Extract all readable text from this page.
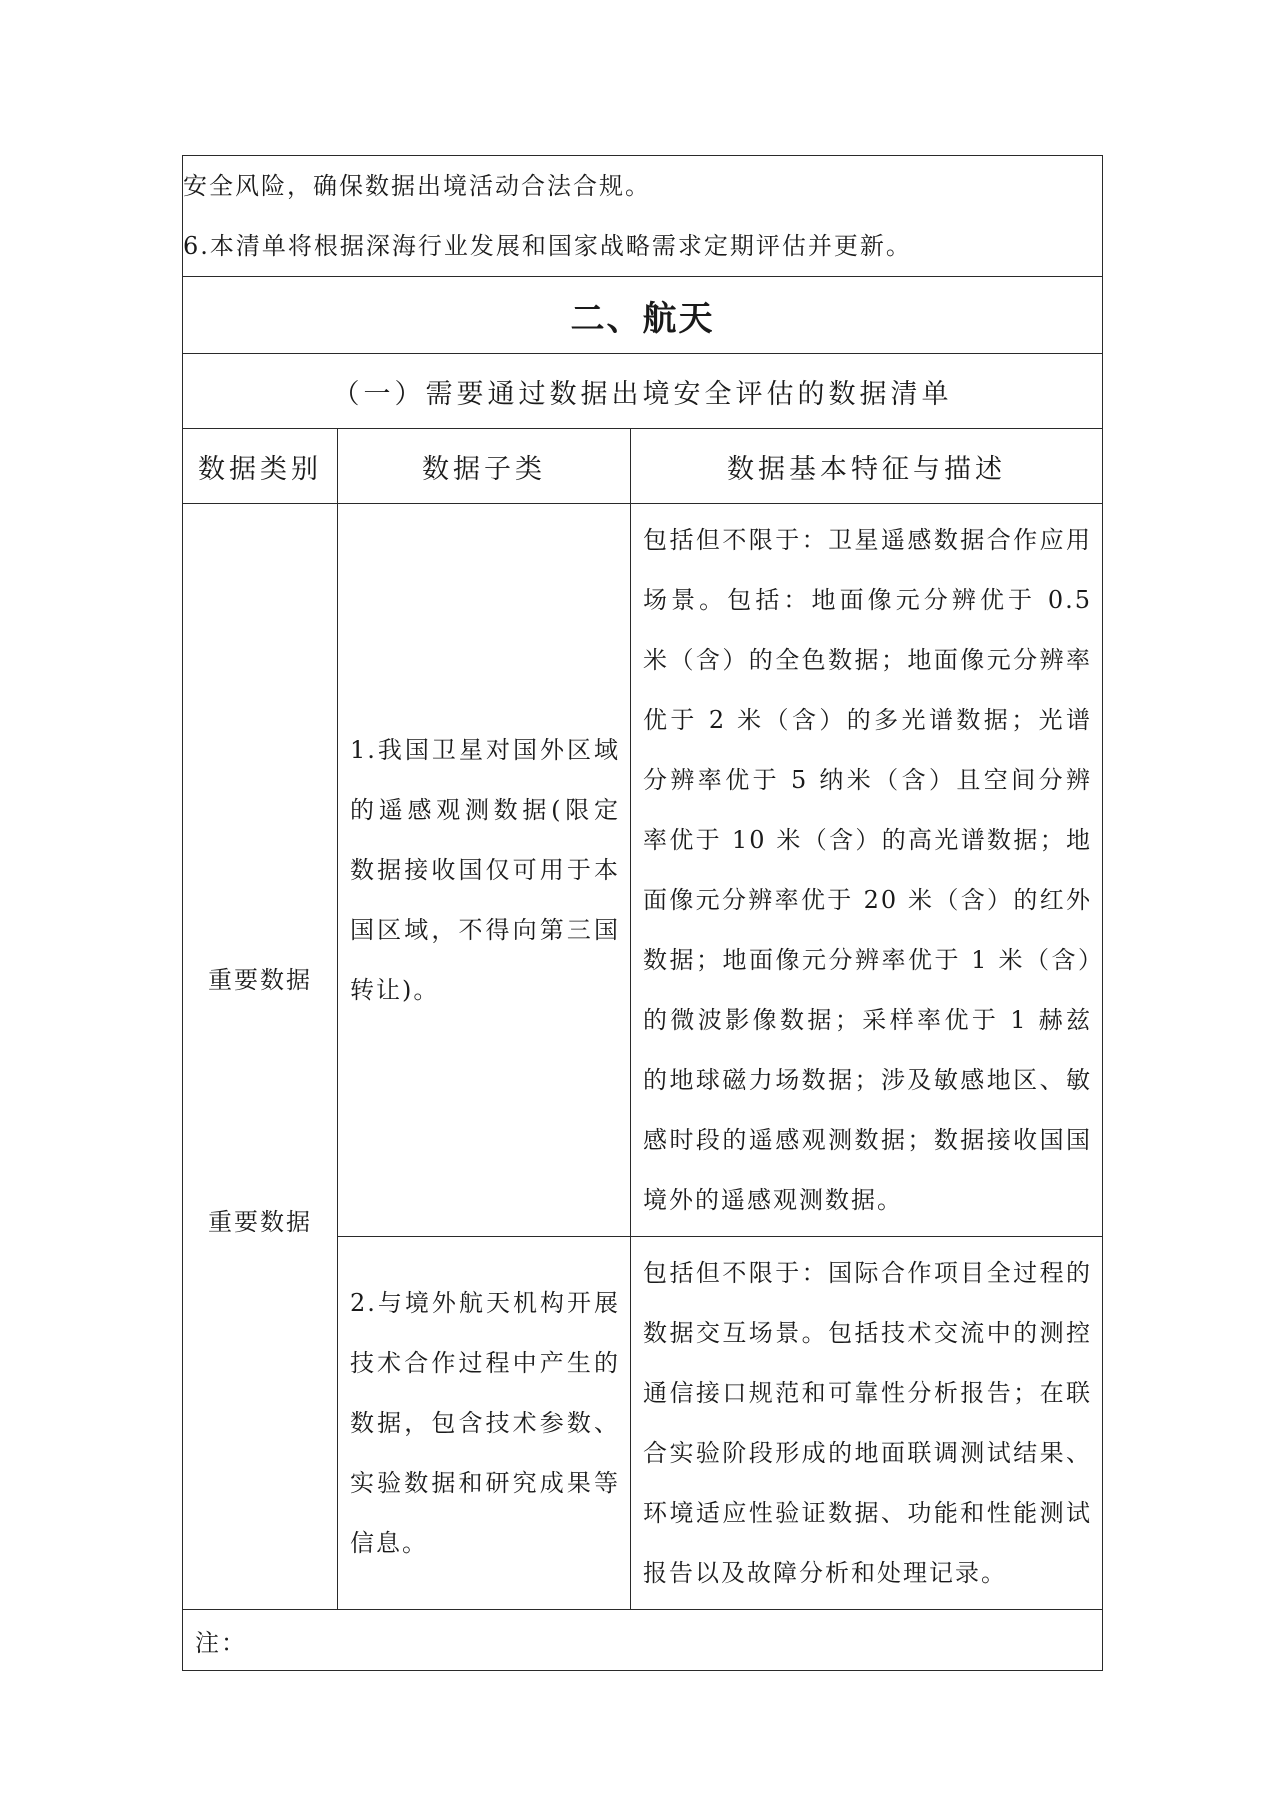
安全风险，确保数据出境活动合法合规。

6.本清单将根据深海行业发展和国家战略需求定期评估并更新。		

二、航天		
（一）需要通过数据出境安全评估的数据清单		
数据类别	数据子类	数据基本特征与描述

重要数据
重要数据	1.我国卫星对国外区域的遥感观测数据(限定数据接收国仅可用于本国区域，不得向第三国转让)。	包括但不限于：卫星遥感数据合作应用场景。包括：地面像元分辨优于 0.5 米（含）的全色数据；地面像元分辨率优于 2 米（含）的多光谱数据；光谱分辨率优于 5 纳米（含）且空间分辨率优于 10 米（含）的高光谱数据；地面像元分辨率优于 20 米（含）的红外数据；地面像元分辨率优于 1 米（含）的微波影像数据；采样率优于 1 赫兹的地球磁力场数据；涉及敏感地区、敏感时段的遥感观测数据；数据接收国国境外的遥感观测数据。

	2.与境外航天机构开展技术合作过程中产生的数据，包含技术参数、实验数据和研究成果等信息。	包括但不限于：国际合作项目全过程的数据交互场景。包括技术交流中的测控通信接口规范和可靠性分析报告；在联合实验阶段形成的地面联调测试结果、环境适应性验证数据、功能和性能测试报告以及故障分析和处理记录。

注：		
